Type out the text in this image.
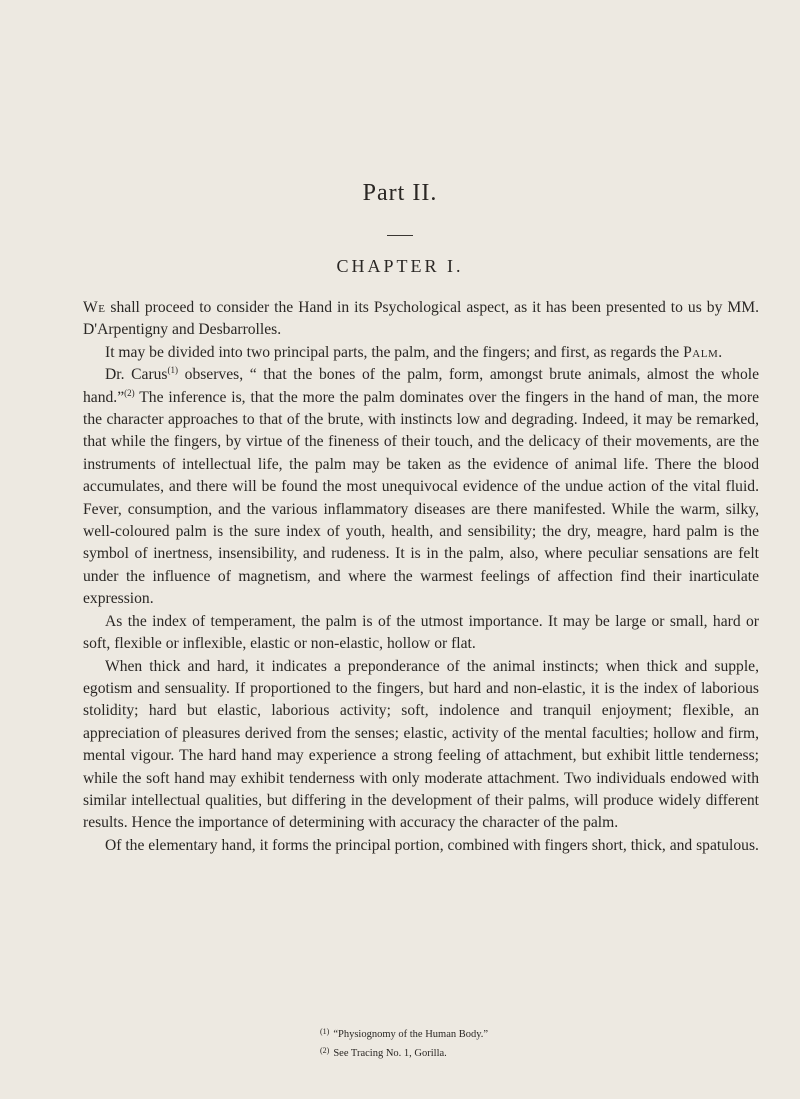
Part II.
CHAPTER I.

We shall proceed to consider the Hand in its Psychological aspect, as it has been presented to us by MM. D'Arpentigny and Desbarrolles.

It may be divided into two principal parts, the palm, and the fingers; and first, as regards the Palm.

Dr. Carus$^{(1)}$ observes, “ that the bones of the palm, form, amongst brute animals, almost the whole hand.”$^{(2)}$ The inference is, that the more the palm dominates over the fingers in the hand of man, the more the character approaches to that of the brute, with instincts low and degrading. Indeed, it may be remarked, that while the fingers, by virtue of the fineness of their touch, and the delicacy of their movements, are the instruments of intellectual life, the palm may be taken as the evidence of animal life. There the blood accumulates, and there will be found the most unequivocal evidence of the undue action of the vital fluid. Fever, consumption, and the various inflammatory diseases are there manifested. While the warm, silky, well-coloured palm is the sure index of youth, health, and sensibility; the dry, meagre, hard palm is the symbol of inertness, insensibility, and rudeness. It is in the palm, also, where peculiar sensations are felt under the influence of magnetism, and where the warmest feelings of affection find their inarticulate expression.

As the index of temperament, the palm is of the utmost importance. It may be large or small, hard or soft, flexible or inflexible, elastic or non-elastic, hollow or flat.

When thick and hard, it indicates a preponderance of the animal instincts; when thick and supple, egotism and sensuality. If proportioned to the fingers, but hard and non-elastic, it is the index of laborious stolidity; hard but elastic, laborious activity; soft, indolence and tranquil enjoyment; flexible, an appreciation of pleasures derived from the senses; elastic, activity of the mental faculties; hollow and firm, mental vigour. The hard hand may experience a strong feeling of attachment, but exhibit little tenderness; while the soft hand may exhibit tenderness with only moderate attachment. Two individuals endowed with similar intellectual qualities, but differing in the development of their palms, will produce widely different results. Hence the importance of determining with accuracy the character of the palm.

Of the elementary hand, it forms the principal portion, combined with fingers short, thick, and spatulous.

$^{(1)}$ “Physiognomy of the Human Body.”

$^{(2)}$ See Tracing No. 1, Gorilla.
